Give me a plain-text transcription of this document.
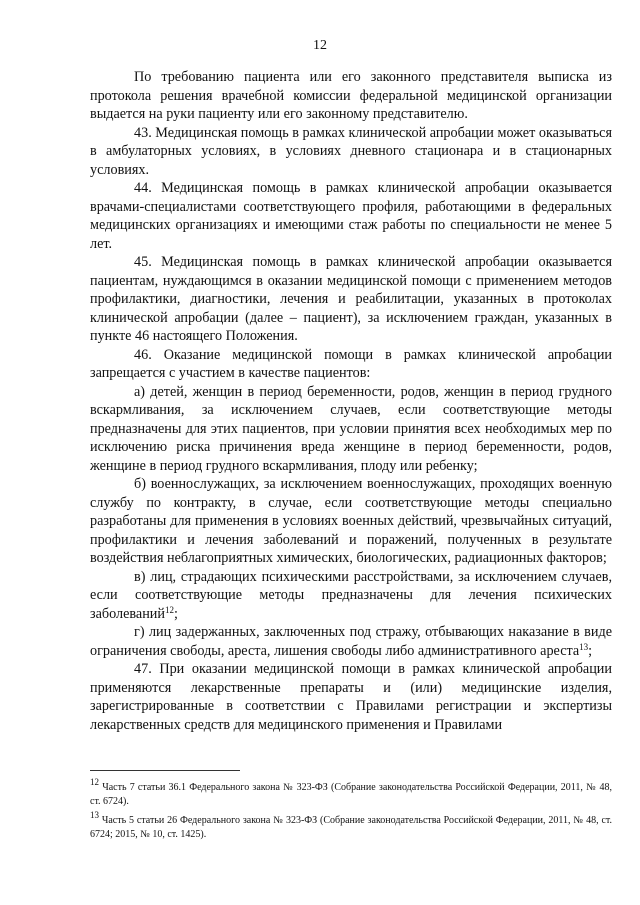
12

По требованию пациента или его законного представителя выписка из протокола решения врачебной комиссии федеральной медицинской организации выдается на руки пациенту или его законному представителю.

43. Медицинская помощь в рамках клинической апробации может оказываться в амбулаторных условиях, в условиях дневного стационара и в стационарных условиях.

44. Медицинская помощь в рамках клинической апробации оказывается врачами-специалистами соответствующего профиля, работающими в федеральных медицинских организациях и имеющими стаж работы по специальности не менее 5 лет.

45. Медицинская помощь в рамках клинической апробации оказывается пациентам, нуждающимся в оказании медицинской помощи с применением методов профилактики, диагностики, лечения и реабилитации, указанных в протоколах клинической апробации (далее – пациент), за исключением граждан, указанных в пункте 46 настоящего Положения.

46. Оказание медицинской помощи в рамках клинической апробации запрещается с участием в качестве пациентов:

а) детей, женщин в период беременности, родов, женщин в период грудного вскармливания, за исключением случаев, если соответствующие методы предназначены для этих пациентов, при условии принятия всех необходимых мер по исключению риска причинения вреда женщине в период беременности, родов, женщине в период грудного вскармливания, плоду или ребенку;

б) военнослужащих, за исключением военнослужащих, проходящих военную службу по контракту, в случае, если соответствующие методы специально разработаны для применения в условиях военных действий, чрезвычайных ситуаций, профилактики и лечения заболеваний и поражений, полученных в результате воздействия неблагоприятных химических, биологических, радиационных факторов;

в) лиц, страдающих психическими расстройствами, за исключением случаев, если соответствующие методы предназначены для лечения психических заболеваний$^{12}$;

г) лиц задержанных, заключенных под стражу, отбывающих наказание в виде ограничения свободы, ареста, лишения свободы либо административного ареста$^{13}$;

47. При оказании медицинской помощи в рамках клинической апробации применяются лекарственные препараты и (или) медицинские изделия, зарегистрированные в соответствии с Правилами регистрации и экспертизы лекарственных средств для медицинского применения и Правилами

$^{12}$ Часть 7 статьи 36.1 Федерального закона № 323-ФЗ (Собрание законодательства Российской Федерации, 2011, № 48, ст. 6724).

$^{13}$ Часть 5 статьи 26 Федерального закона № 323-ФЗ (Собрание законодательства Российской Федерации, 2011, № 48, ст. 6724; 2015, № 10, ст. 1425).
